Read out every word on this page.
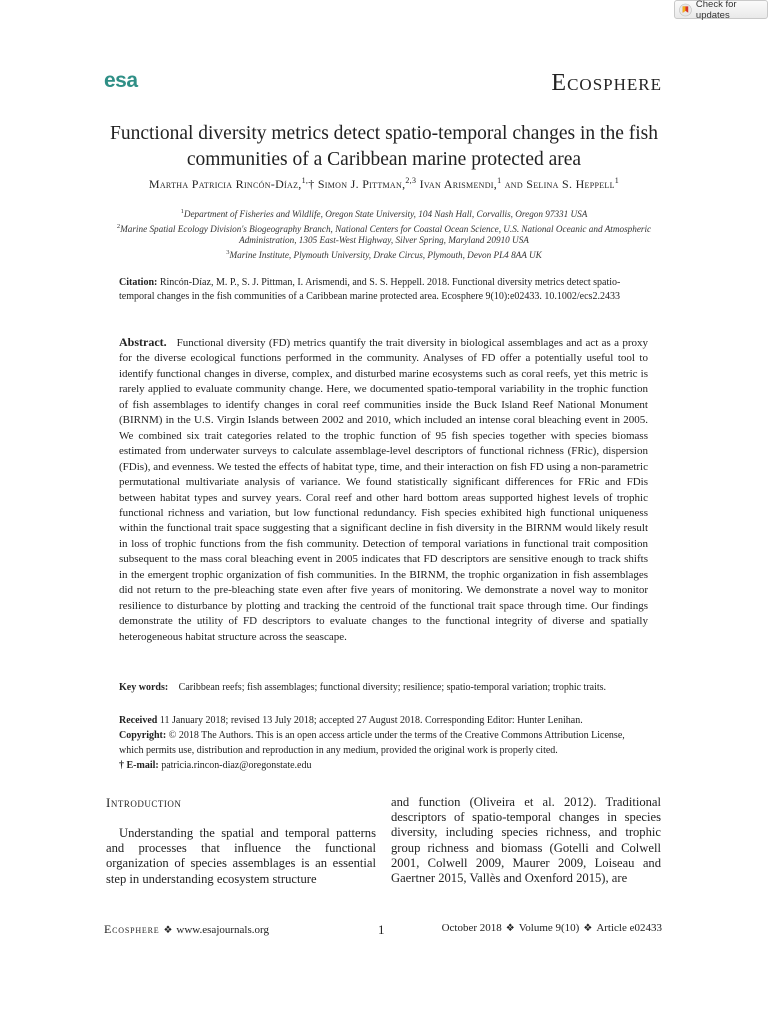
Check for updates
esa	Ecosphere
Functional diversity metrics detect spatio-temporal changes in the fish communities of a Caribbean marine protected area
Martha Patricia Rincón-Díaz,$^{1,}$† Simon J. Pittman,$^{2,3}$ Ivan Arismendi,$^1$ and Selina S. Heppell$^1$
$^1$Department of Fisheries and Wildlife, Oregon State University, 104 Nash Hall, Corvallis, Oregon 97331 USA
$^2$Marine Spatial Ecology Division's Biogeography Branch, National Centers for Coastal Ocean Science, U.S. National Oceanic and Atmospheric Administration, 1305 East-West Highway, Silver Spring, Maryland 20910 USA
$^3$Marine Institute, Plymouth University, Drake Circus, Plymouth, Devon PL4 8AA UK
Citation: Rincón-Díaz, M. P., S. J. Pittman, I. Arismendi, and S. S. Heppell. 2018. Functional diversity metrics detect spatio-temporal changes in the fish communities of a Caribbean marine protected area. Ecosphere 9(10):e02433. 10.1002/ecs2.2433
Abstract. Functional diversity (FD) metrics quantify the trait diversity in biological assemblages and act as a proxy for the diverse ecological functions performed in the community. Analyses of FD offer a potentially useful tool to identify functional changes in diverse, complex, and disturbed marine ecosystems such as coral reefs, yet this metric is rarely applied to evaluate community change. Here, we documented spatio-temporal variability in the trophic function of fish assemblages to identify changes in coral reef communities inside the Buck Island Reef National Monument (BIRNM) in the U.S. Virgin Islands between 2002 and 2010, which included an intense coral bleaching event in 2005. We combined six trait categories related to the trophic function of 95 fish species together with species biomass estimated from underwater surveys to calculate assemblage-level descriptors of functional richness (FRic), dispersion (FDis), and evenness. We tested the effects of habitat type, time, and their interaction on fish FD using a non‐parametric permutational multivariate analysis of variance. We found statistically significant differences for FRic and FDis between habitat types and survey years. Coral reef and other hard bottom areas supported highest levels of trophic functional richness and variation, but low functional redundancy. Fish species exhibited high functional uniqueness within the functional trait space suggesting that a significant decline in fish diversity in the BIRNM would likely result in loss of trophic functions from the fish community. Detection of temporal variations in functional trait composition subsequent to the mass coral bleaching event in 2005 indicates that FD descriptors are sensitive enough to track shifts in the emergent trophic organization of fish communities. In the BIRNM, the trophic organization in fish assemblages did not return to the pre-bleaching state even after five years of monitoring. We demonstrate a novel way to monitor resilience to disturbance by plotting and tracking the centroid of the functional trait space through time. Our findings demonstrate the utility of FD descriptors to evaluate changes to the functional integrity of diverse and spatially heterogeneous habitat structure across the seascape.
Key words: Caribbean reefs; fish assemblages; functional diversity; resilience; spatio-temporal variation; trophic traits.
Received 11 January 2018; revised 13 July 2018; accepted 27 August 2018. Corresponding Editor: Hunter Lenihan.
Copyright: © 2018 The Authors. This is an open access article under the terms of the Creative Commons Attribution License, which permits use, distribution and reproduction in any medium, provided the original work is properly cited.
† E-mail: patricia.rincon-diaz@oregonstate.edu
Introduction
Understanding the spatial and temporal patterns and processes that influence the functional organization of species assemblages is an essential step in understanding ecosystem structure
and function (Oliveira et al. 2012). Traditional descriptors of spatio-temporal changes in species diversity, including species richness, and trophic group richness and biomass (Gotelli and Colwell 2001, Colwell 2009, Maurer 2009, Loiseau and Gaertner 2015, Vallès and Oxenford 2015), are
Ecosphere ❖ www.esajournals.org	1	October 2018 ❖ Volume 9(10) ❖ Article e02433
